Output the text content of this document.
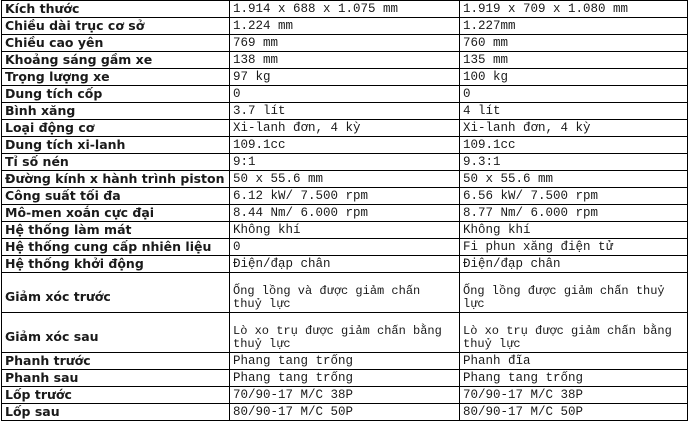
Kích thước	1.914 x 688 x 1.075 mm	1.919 x 709 x 1.080 mm
Chiều dài trục cơ sở	1.224 mm	1.227mm
Chiều cao yên	769 mm	760 mm
Khoảng sáng gầm xe	138 mm	135 mm
Trọng lượng xe	97 kg	100 kg
Dung tích cốp	0	0
Bình xăng	3.7 lít	4 lít
Loại động cơ	Xi-lanh đơn, 4 kỳ	Xi-lanh đơn, 4 kỳ
Dung tích xi-lanh	109.1cc	109.1cc
Tỉ số nén	9:1	9.3:1
Đường kính x hành trình piston	50 x 55.6 mm	50 x 55.6 mm
Công suất tối đa	6.12 kW/ 7.500 rpm	6.56 kW/ 7.500 rpm
Mô-men xoắn cực đại	8.44 Nm/ 6.000 rpm	8.77 Nm/ 6.000 rpm
Hệ thống làm mát	Không khí	Không khí
Hệ thống cung cấp nhiên liệu	0	Fi phun xăng điện tử
Hệ thống khởi động	Điện/đạp chân	Điện/đạp chân
Giảm xóc trước	Ống lồng và được giảm chấn thuỷ lực	Ống lồng được giảm chấn thuỷ lực
Giảm xóc sau	Lò xo trụ được giảm chấn bằng thuỷ lực	Lò xo trụ được giảm chấn bằng thuỷ lực
Phanh trước	Phang tang trống	Phanh đĩa
Phanh sau	Phang tang trống	Phang tang trống
Lốp trước	70/90-17 M/C 38P	70/90-17 M/C 38P
Lốp sau	80/90-17 M/C 50P	80/90-17 M/C 50P
